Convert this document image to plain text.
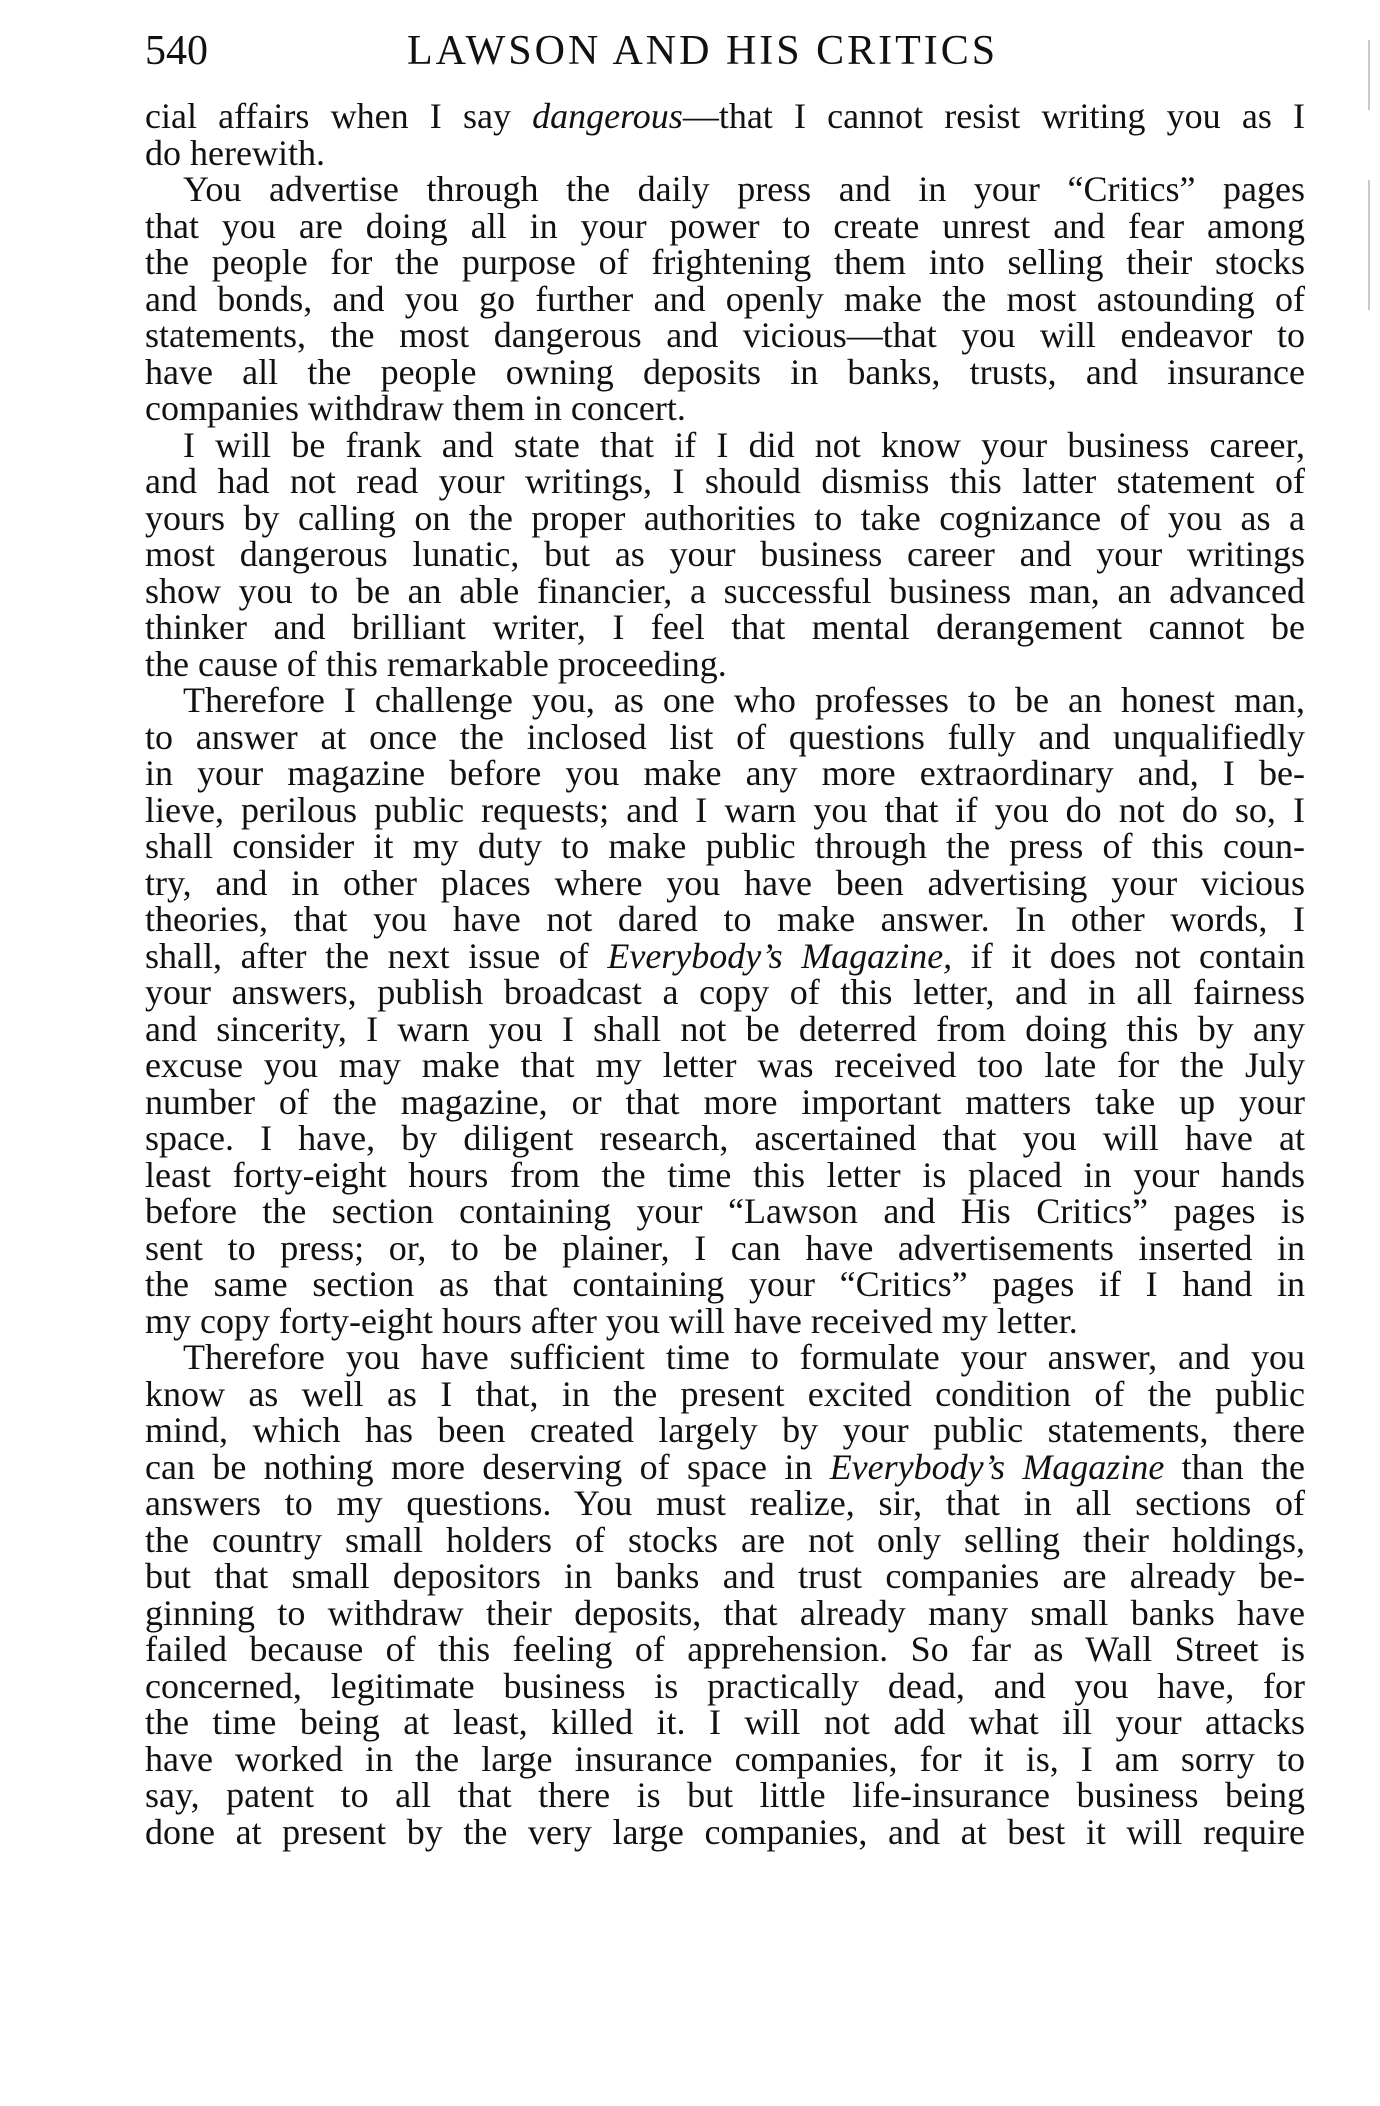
540	LAWSON AND HIS CRITICS
cial affairs when I say dangerous—that I cannot resist writing you as I
do herewith.
You advertise through the daily press and in your “Critics” pages
that you are doing all in your power to create unrest and fear among
the people for the purpose of frightening them into selling their stocks
and bonds, and you go further and openly make the most astounding of
statements, the most dangerous and vicious—that you will endeavor to
have all the people owning deposits in banks, trusts, and insurance
companies withdraw them in concert.
I will be frank and state that if I did not know your business career,
and had not read your writings, I should dismiss this latter statement of
yours by calling on the proper authorities to take cognizance of you as a
most dangerous lunatic, but as your business career and your writings
show you to be an able financier, a successful business man, an advanced
thinker and brilliant writer, I feel that mental derangement cannot be
the cause of this remarkable proceeding.
Therefore I challenge you, as one who professes to be an honest man,
to answer at once the inclosed list of questions fully and unqualifiedly
in your magazine before you make any more extraordinary and, I be-
lieve, perilous public requests; and I warn you that if you do not do so, I
shall consider it my duty to make public through the press of this coun-
try, and in other places where you have been advertising your vicious
theories, that you have not dared to make answer. In other words, I
shall, after the next issue of Everybody’s Magazine, if it does not contain
your answers, publish broadcast a copy of this letter, and in all fairness
and sincerity, I warn you I shall not be deterred from doing this by any
excuse you may make that my letter was received too late for the July
number of the magazine, or that more important matters take up your
space. I have, by diligent research, ascertained that you will have at
least forty-eight hours from the time this letter is placed in your hands
before the section containing your “Lawson and His Critics” pages is
sent to press; or, to be plainer, I can have advertisements inserted in
the same section as that containing your “Critics” pages if I hand in
my copy forty-eight hours after you will have received my letter.
Therefore you have sufficient time to formulate your answer, and you
know as well as I that, in the present excited condition of the public
mind, which has been created largely by your public statements, there
can be nothing more deserving of space in Everybody’s Magazine than the
answers to my questions. You must realize, sir, that in all sections of
the country small holders of stocks are not only selling their holdings,
but that small depositors in banks and trust companies are already be-
ginning to withdraw their deposits, that already many small banks have
failed because of this feeling of apprehension. So far as Wall Street is
concerned, legitimate business is practically dead, and you have, for
the time being at least, killed it. I will not add what ill your attacks
have worked in the large insurance companies, for it is, I am sorry to
say, patent to all that there is but little life-insurance business being
done at present by the very large companies, and at best it will require
